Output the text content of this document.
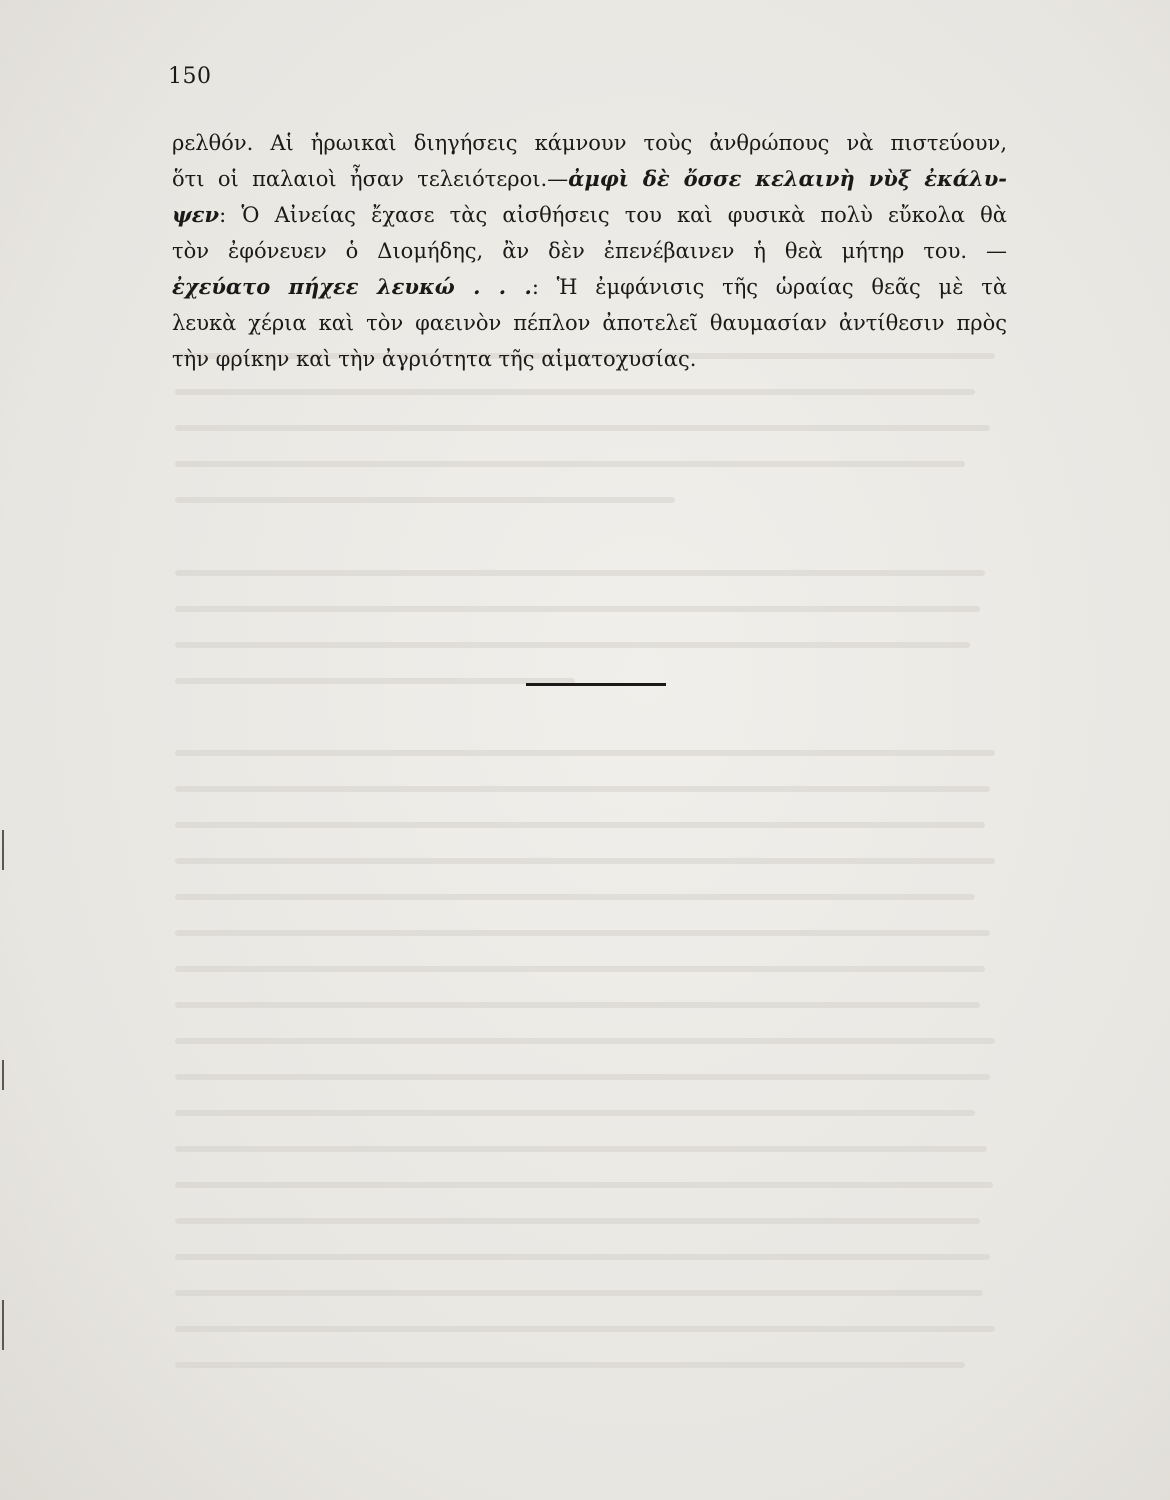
150
ρελθόν. Αἱ ἡρωικαὶ διηγήσεις κάμνουν τοὺς ἀνθρώπους νὰ πιστεύουν,
ὅτι οἱ παλαιοὶ ἦσαν τελειότεροι.—ἀμφὶ δὲ ὄσσε κελαινὴ νὺξ ἐκάλυ-
ψεν: Ὁ Αἰνείας ἔχασε τὰς αἰσθήσεις του καὶ φυσικὰ πολὺ εὔκολα θὰ
τὸν ἐφόνευεν ὁ Διομήδης, ἂν δὲν ἐπενέβαινεν ἡ θεὰ μήτηρ του. —
ἐχεύατο πήχεε λευκώ . . .: Ἡ ἐμφάνισις τῆς ὡραίας θεᾶς μὲ τὰ
λευκὰ χέρια καὶ τὸν φαεινὸν πέπλον ἀποτελεῖ θαυμασίαν ἀντίθεσιν πρὸς
τὴν φρίκην καὶ τὴν ἀγριότητα τῆς αἱματοχυσίας.
